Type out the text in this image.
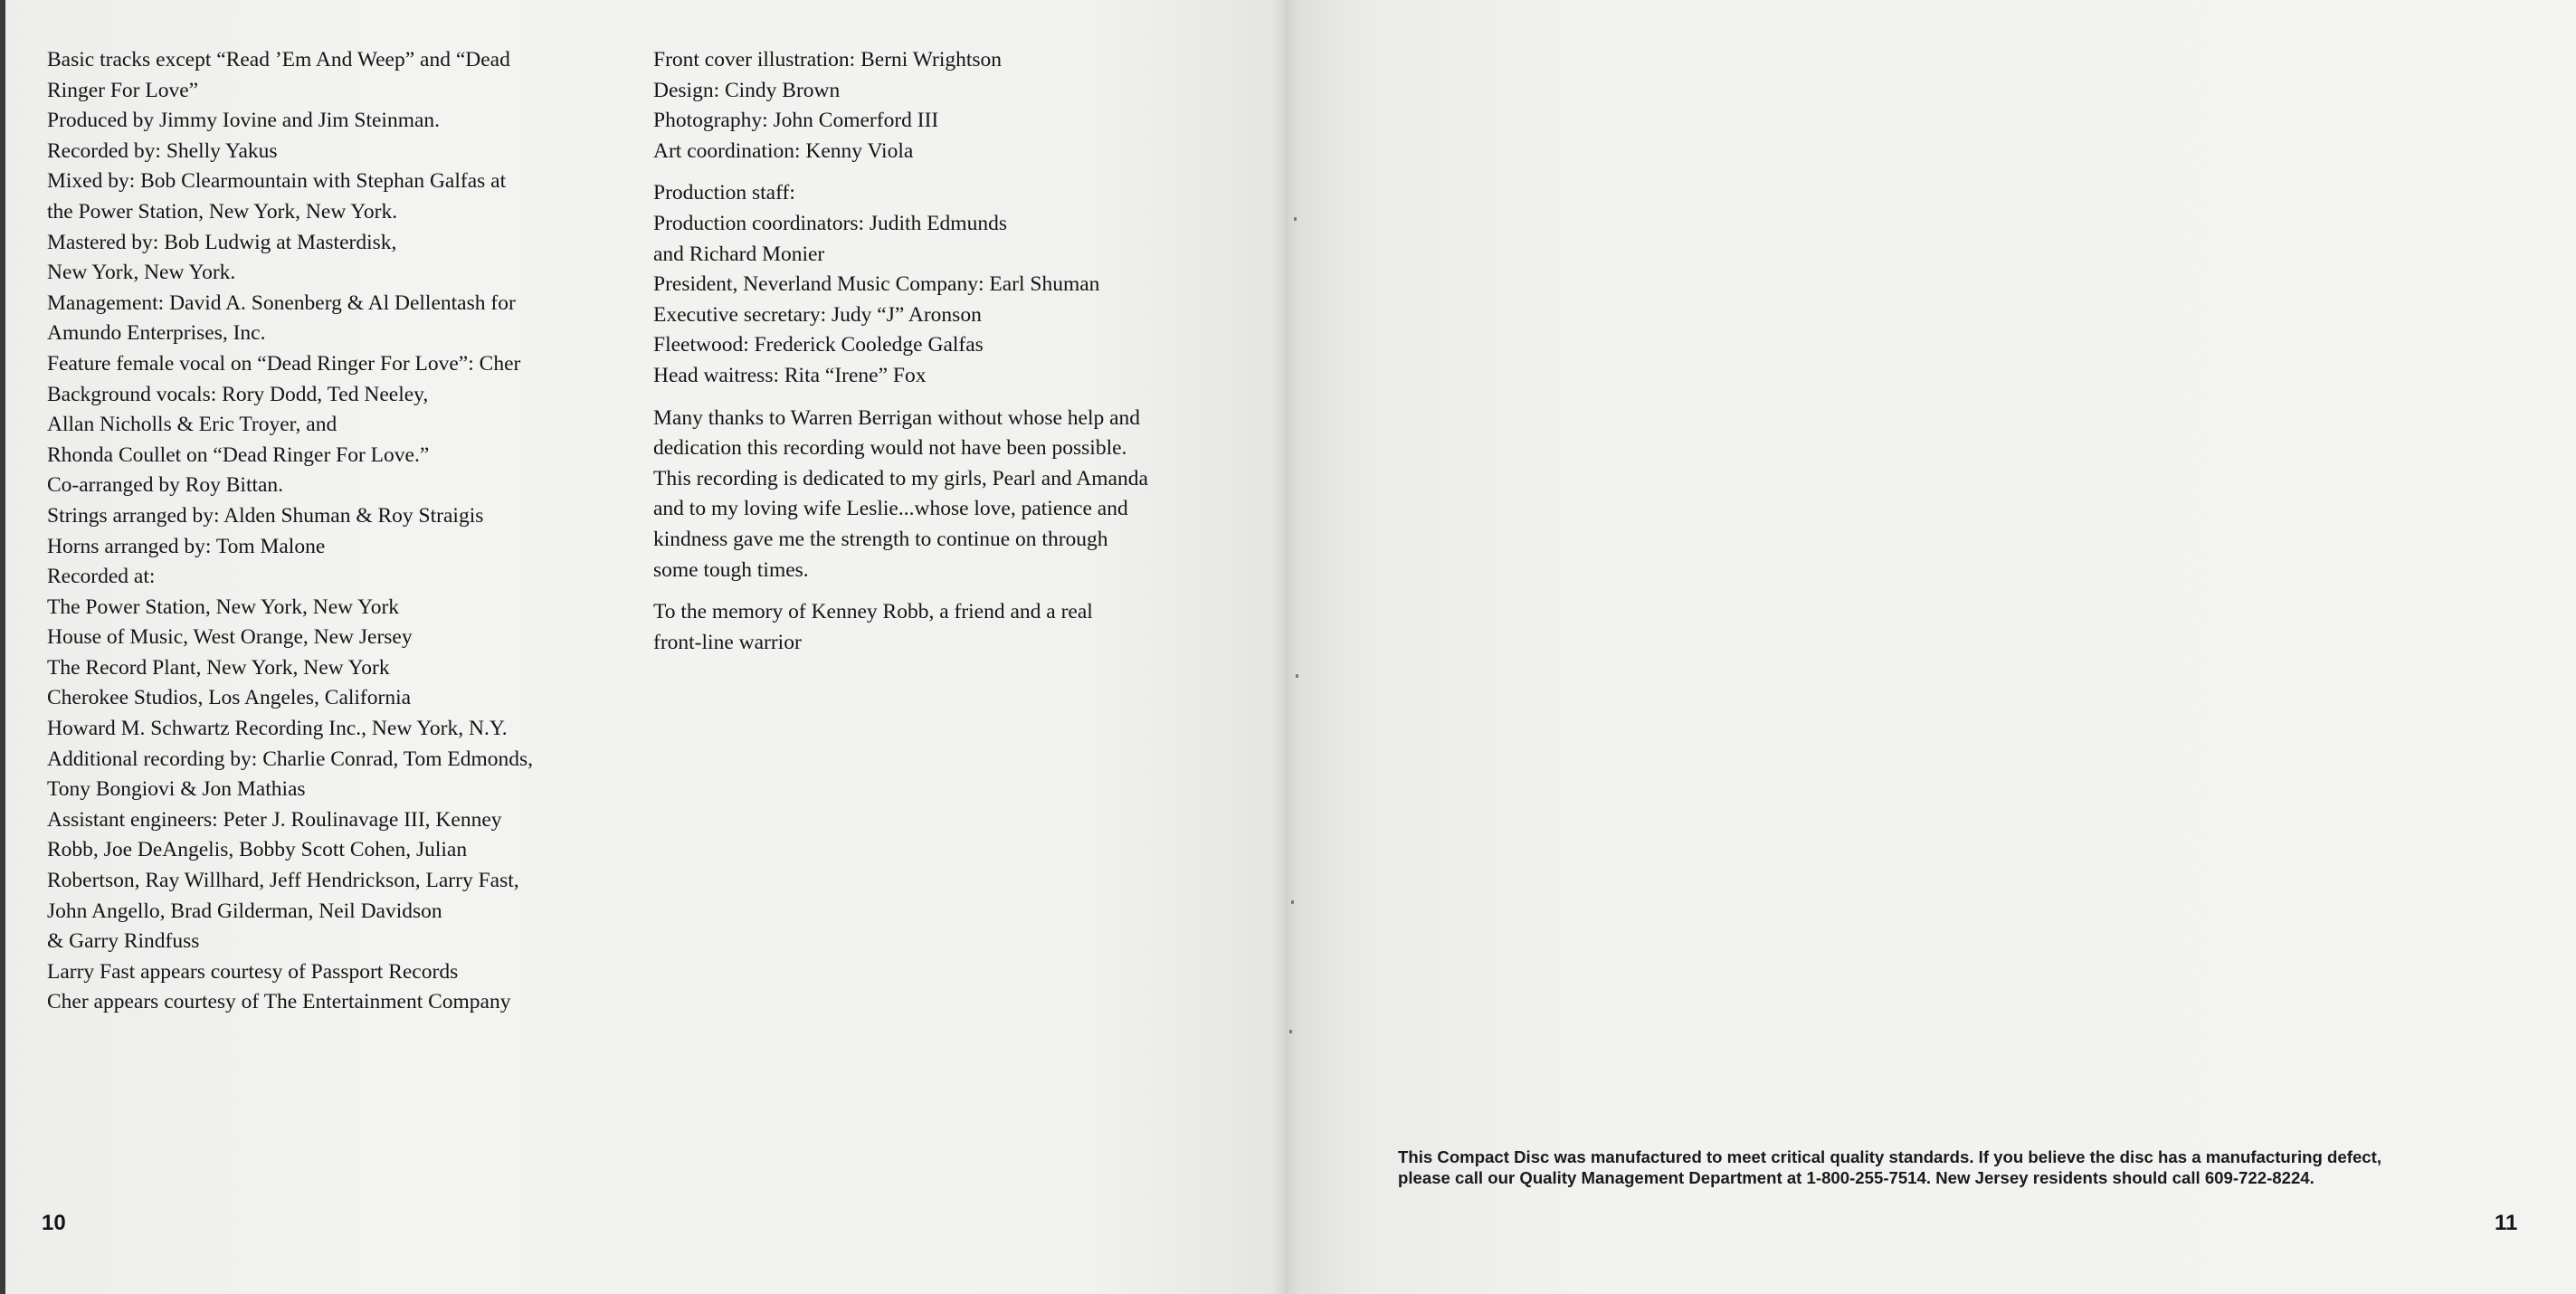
Basic tracks except “Read ’Em And Weep” and “Dead
Ringer For Love”
Produced by Jimmy Iovine and Jim Steinman.
Recorded by: Shelly Yakus
Mixed by: Bob Clearmountain with Stephan Galfas at
the Power Station, New York, New York.
Mastered by: Bob Ludwig at Masterdisk,
New York, New York.
Management: David A. Sonenberg & Al Dellentash for
Amundo Enterprises, Inc.
Feature female vocal on “Dead Ringer For Love”: Cher
Background vocals: Rory Dodd, Ted Neeley,
Allan Nicholls & Eric Troyer, and
Rhonda Coullet on “Dead Ringer For Love.”
Co-arranged by Roy Bittan.
Strings arranged by: Alden Shuman & Roy Straigis
Horns arranged by: Tom Malone
Recorded at:
The Power Station, New York, New York
House of Music, West Orange, New Jersey
The Record Plant, New York, New York
Cherokee Studios, Los Angeles, California
Howard M. Schwartz Recording Inc., New York, N.Y.
Additional recording by: Charlie Conrad, Tom Edmonds,
Tony Bongiovi & Jon Mathias
Assistant engineers: Peter J. Roulinavage III, Kenney
Robb, Joe DeAngelis, Bobby Scott Cohen, Julian
Robertson, Ray Willhard, Jeff Hendrickson, Larry Fast,
John Angello, Brad Gilderman, Neil Davidson
& Garry Rindfuss
Larry Fast appears courtesy of Passport Records
Cher appears courtesy of The Entertainment Company
Front cover illustration: Berni Wrightson
Design: Cindy Brown
Photography: John Comerford III
Art coordination: Kenny Viola
Production staff:
Production coordinators: Judith Edmunds
and Richard Monier
President, Neverland Music Company: Earl Shuman
Executive secretary: Judy “J” Aronson
Fleetwood: Frederick Cooledge Galfas
Head waitress: Rita “Irene” Fox
Many thanks to Warren Berrigan without whose help and
dedication this recording would not have been possible.
This recording is dedicated to my girls, Pearl and Amanda
and to my loving wife Leslie...whose love, patience and
kindness gave me the strength to continue on through
some tough times.
To the memory of Kenney Robb, a friend and a real
front-line warrior
10
This Compact Disc was manufactured to meet critical quality standards. If you believe the disc has a manufacturing defect,
please call our Quality Management Department at 1-800-255-7514. New Jersey residents should call 609-722-8224.
11
